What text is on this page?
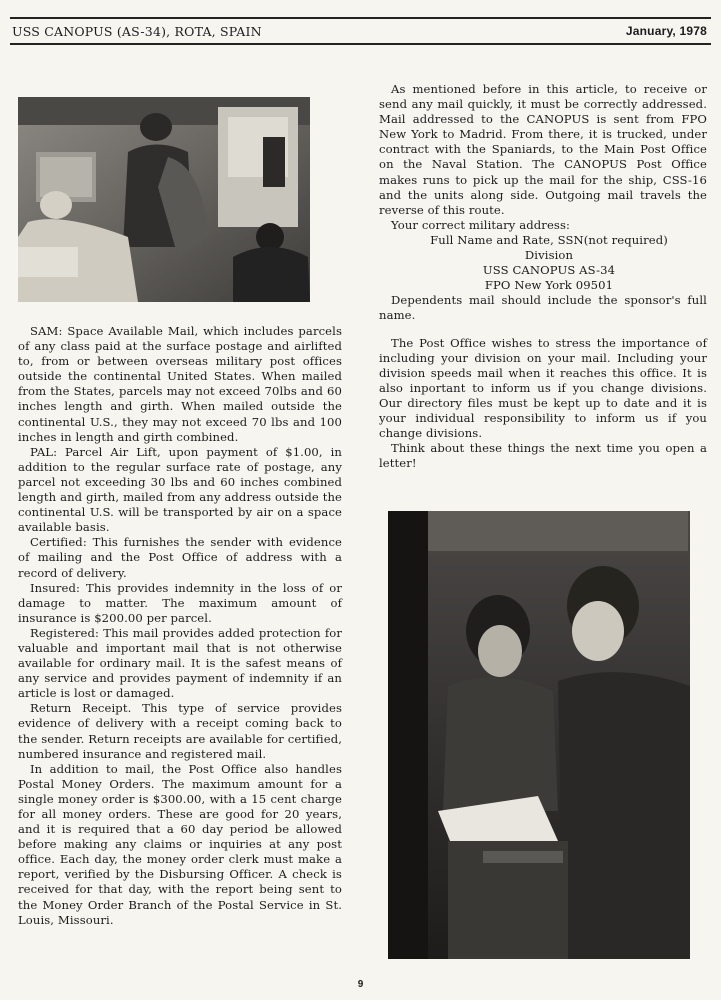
USS CANOPUS (AS-34), ROTA, SPAIN	January, 1978

SAM: Space Available Mail, which includes parcels of any class paid at the surface postage and airlifted to, from or between overseas military post offices outside the continental United States. When mailed from the States, parcels may not exceed 70lbs and 60 inches length and girth. When mailed outside the continental U.S., they may not exceed 70 lbs and 100 inches in length and girth combined.

PAL: Parcel Air Lift, upon payment of $1.00, in addition to the regular surface rate of postage, any parcel not exceeding 30 lbs and 60 inches combined length and girth, mailed from any address outside the continental U.S. will be transported by air on a space available basis.

Certified: This furnishes the sender with evidence of mailing and the Post Office of address with a record of delivery.

Insured: This provides indemnity in the loss of or damage to matter. The maximum amount of insurance is $200.00 per parcel.

Registered: This mail provides added protection for valuable and important mail that is not otherwise available for ordinary mail. It is the safest means of any service and provides payment of indemnity if an article is lost or damaged.

Return Receipt. This type of service provides evidence of delivery with a receipt coming back to the sender. Return receipts are available for certified, numbered insurance and registered mail.

In addition to mail, the Post Office also handles Postal Money Orders. The maximum amount for a single money order is $300.00, with a 15 cent charge for all money orders. These are good for 20 years, and it is required that a 60 day period be allowed before making any claims or inquiries at any post office. Each day, the money order clerk must make a report, verified by the Disbursing Officer. A check is received for that day, with the report being sent to the Money Order Branch of the Postal Service in St. Louis, Missouri.

As mentioned before in this article, to receive or send any mail quickly, it must be correctly addressed. Mail addressed to the CANOPUS is sent from FPO New York to Madrid. From there, it is trucked, under contract with the Spaniards, to the Main Post Office on the Naval Station. The CANOPUS Post Office makes runs to pick up the mail for the ship, CSS-16 and the units along side. Outgoing mail travels the reverse of this route.

Your correct military address:

Full Name and Rate, SSN(not required)

Division

USS CANOPUS AS-34

FPO New York 09501

Dependents mail should include the sponsor's full name.

The Post Office wishes to stress the importance of including your division on your mail. Including your division speeds mail when it reaches this office. It is also inportant to inform us if you change divisions. Our directory files must be kept up to date and it is your individual responsibility to inform us if you change divisions.

Think about these things the next time you open a letter!

9
